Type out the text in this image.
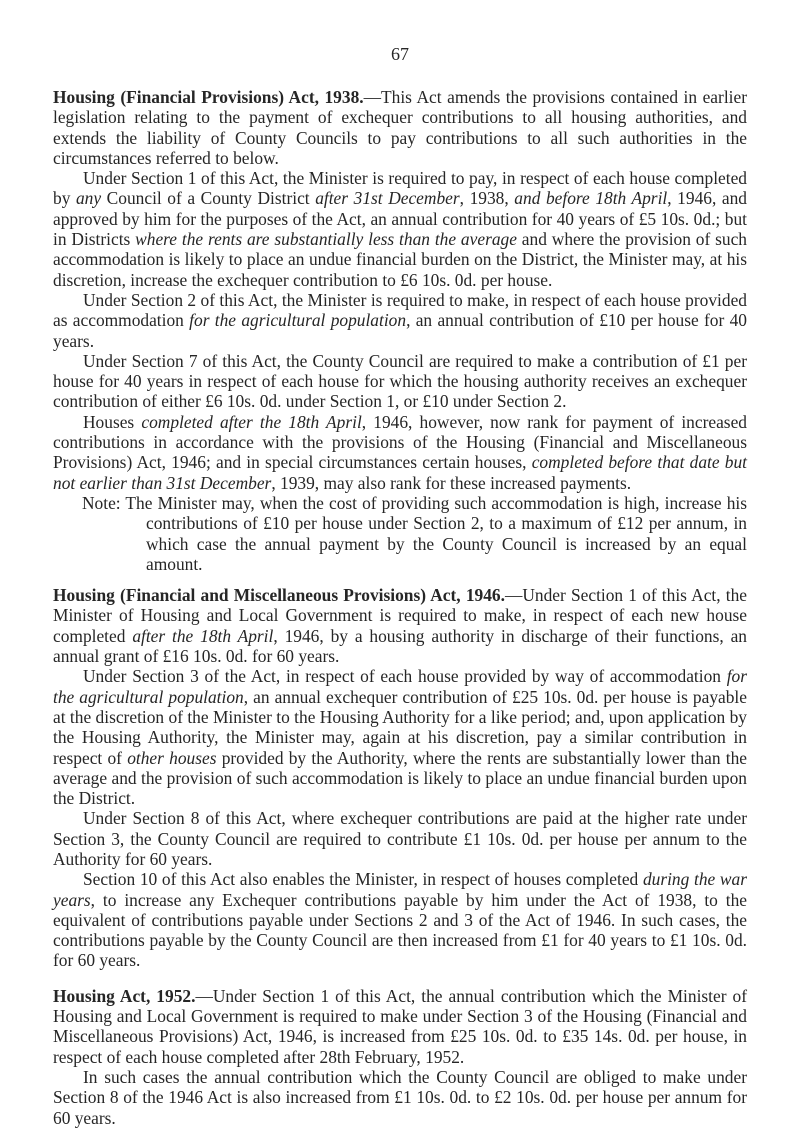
67

Housing (Financial Provisions) Act, 1938.—This Act amends the provisions contained in earlier legislation relating to the payment of exchequer contributions to all housing authorities, and extends the liability of County Councils to pay contributions to all such authorities in the circumstances referred to below.

Under Section 1 of this Act, the Minister is required to pay, in respect of each house completed by any Council of a County District after 31st December, 1938, and before 18th April, 1946, and approved by him for the purposes of the Act, an annual contribution for 40 years of £5 10s. 0d.; but in Districts where the rents are substantially less than the average and where the provision of such accommodation is likely to place an undue financial burden on the District, the Minister may, at his discretion, increase the exchequer contribution to £6 10s. 0d. per house.

Under Section 2 of this Act, the Minister is required to make, in respect of each house provided as accommodation for the agricultural population, an annual contribution of £10 per house for 40 years.

Under Section 7 of this Act, the County Council are required to make a contribution of £1 per house for 40 years in respect of each house for which the housing authority receives an exchequer contribution of either £6 10s. 0d. under Section 1, or £10 under Section 2.

Houses completed after the 18th April, 1946, however, now rank for payment of increased contributions in accordance with the provisions of the Housing (Financial and Miscellaneous Provisions) Act, 1946; and in special circumstances certain houses, completed before that date but not earlier than 31st December, 1939, may also rank for these increased payments.

Note: The Minister may, when the cost of providing such accommodation is high, increase his contributions of £10 per house under Section 2, to a maximum of £12 per annum, in which case the annual payment by the County Council is increased by an equal amount.

Housing (Financial and Miscellaneous Provisions) Act, 1946.—Under Section 1 of this Act, the Minister of Housing and Local Government is required to make, in respect of each new house completed after the 18th April, 1946, by a housing authority in discharge of their functions, an annual grant of £16 10s. 0d. for 60 years.

Under Section 3 of the Act, in respect of each house provided by way of accommodation for the agricultural population, an annual exchequer contribution of £25 10s. 0d. per house is payable at the discretion of the Minister to the Housing Authority for a like period; and, upon application by the Housing Authority, the Minister may, again at his discretion, pay a similar contribution in respect of other houses provided by the Authority, where the rents are substantially lower than the average and the provision of such accommodation is likely to place an undue financial burden upon the District.

Under Section 8 of this Act, where exchequer contributions are paid at the higher rate under Section 3, the County Council are required to contribute £1 10s. 0d. per house per annum to the Authority for 60 years.

Section 10 of this Act also enables the Minister, in respect of houses completed during the war years, to increase any Exchequer contributions payable by him under the Act of 1938, to the equivalent of contributions payable under Sections 2 and 3 of the Act of 1946. In such cases, the contributions payable by the County Council are then increased from £1 for 40 years to £1 10s. 0d. for 60 years.

Housing Act, 1952.—Under Section 1 of this Act, the annual contribution which the Minister of Housing and Local Government is required to make under Section 3 of the Housing (Financial and Miscellaneous Provisions) Act, 1946, is increased from £25 10s. 0d. to £35 14s. 0d. per house, in respect of each house completed after 28th February, 1952.

In such cases the annual contribution which the County Council are obliged to make under Section 8 of the 1946 Act is also increased from £1 10s. 0d. to £2 10s. 0d. per house per annum for 60 years.
